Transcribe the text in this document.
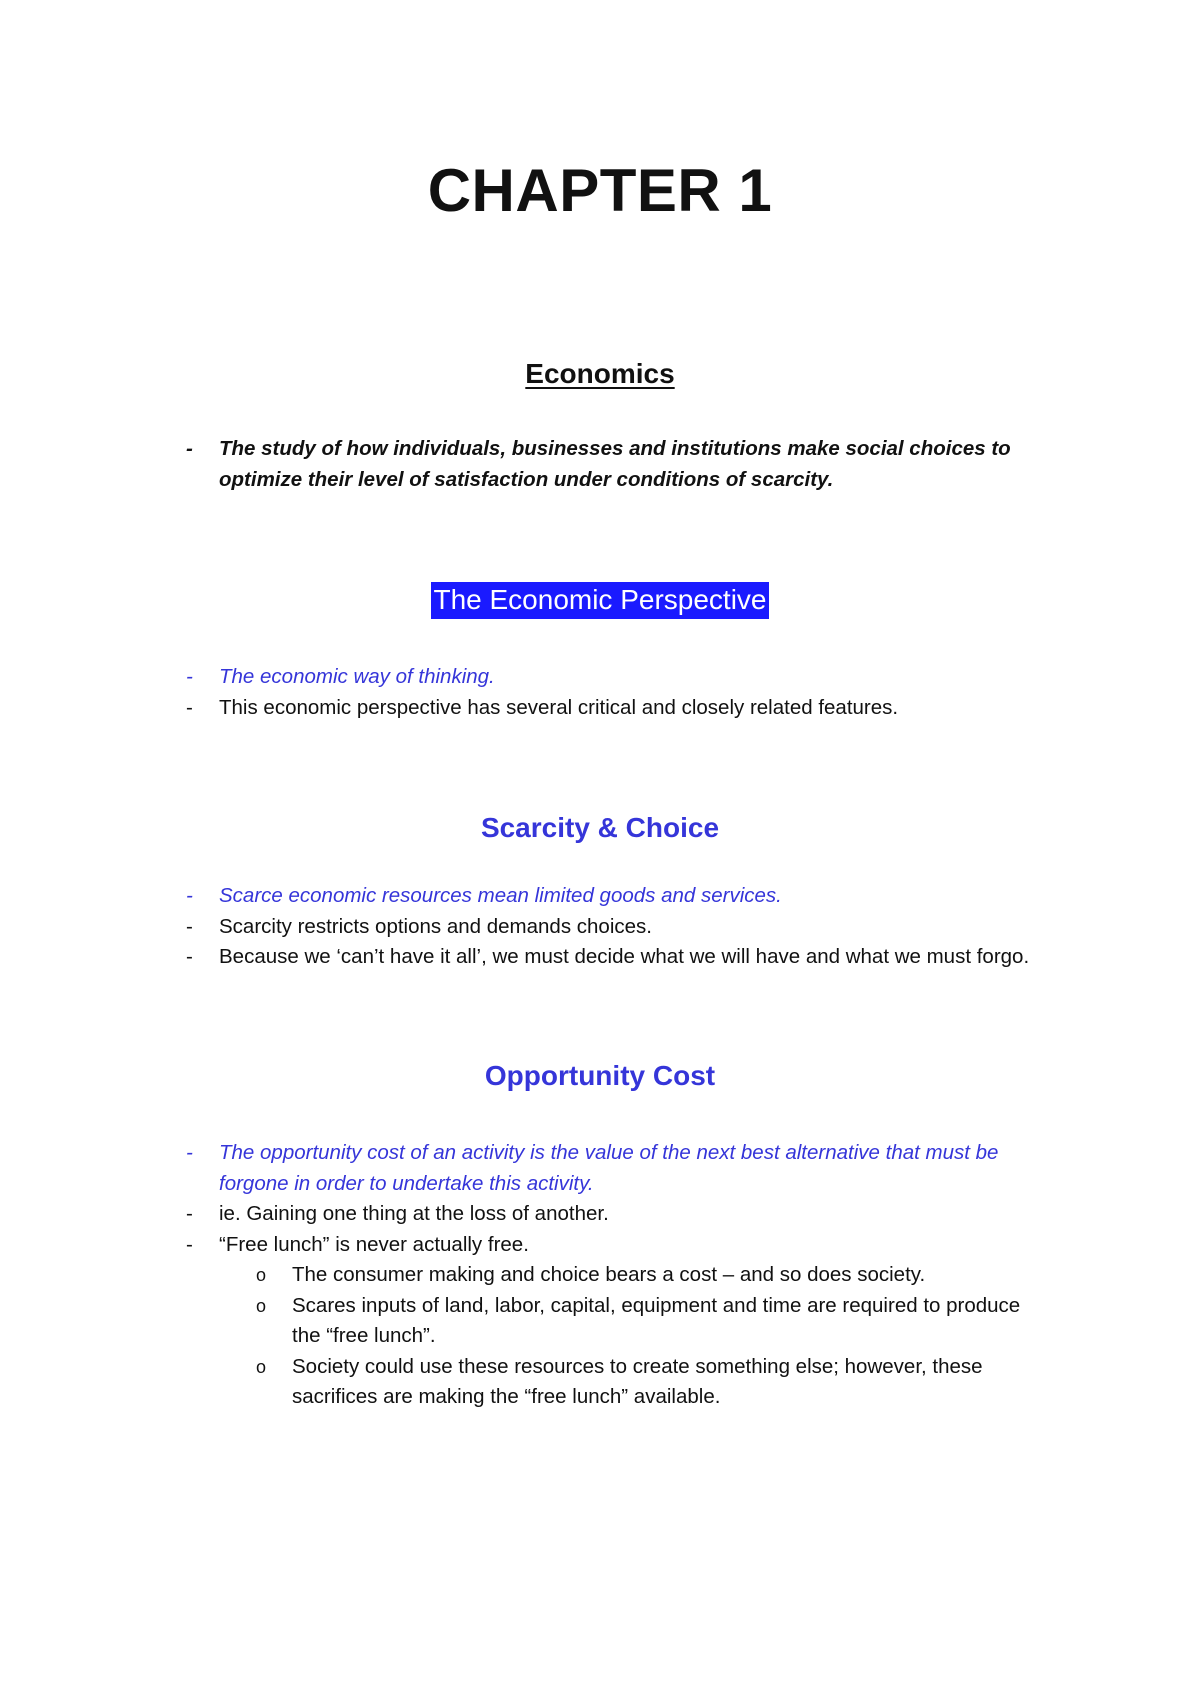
CHAPTER 1
Economics
- The study of how individuals, businesses and institutions make social choices to optimize their level of satisfaction under conditions of scarcity.
The Economic Perspective
- The economic way of thinking.
- This economic perspective has several critical and closely related features.
Scarcity & Choice
- Scarce economic resources mean limited goods and services.
- Scarcity restricts options and demands choices.
- Because we ‘can’t have it all’, we must decide what we will have and what we must forgo.
Opportunity Cost
- The opportunity cost of an activity is the value of the next best alternative that must be forgone in order to undertake this activity.
- ie. Gaining one thing at the loss of another.
- “Free lunch” is never actually free.
o The consumer making and choice bears a cost – and so does society.
o Scares inputs of land, labor, capital, equipment and time are required to produce the “free lunch”.
o Society could use these resources to create something else; however, these sacrifices are making the “free lunch” available.
